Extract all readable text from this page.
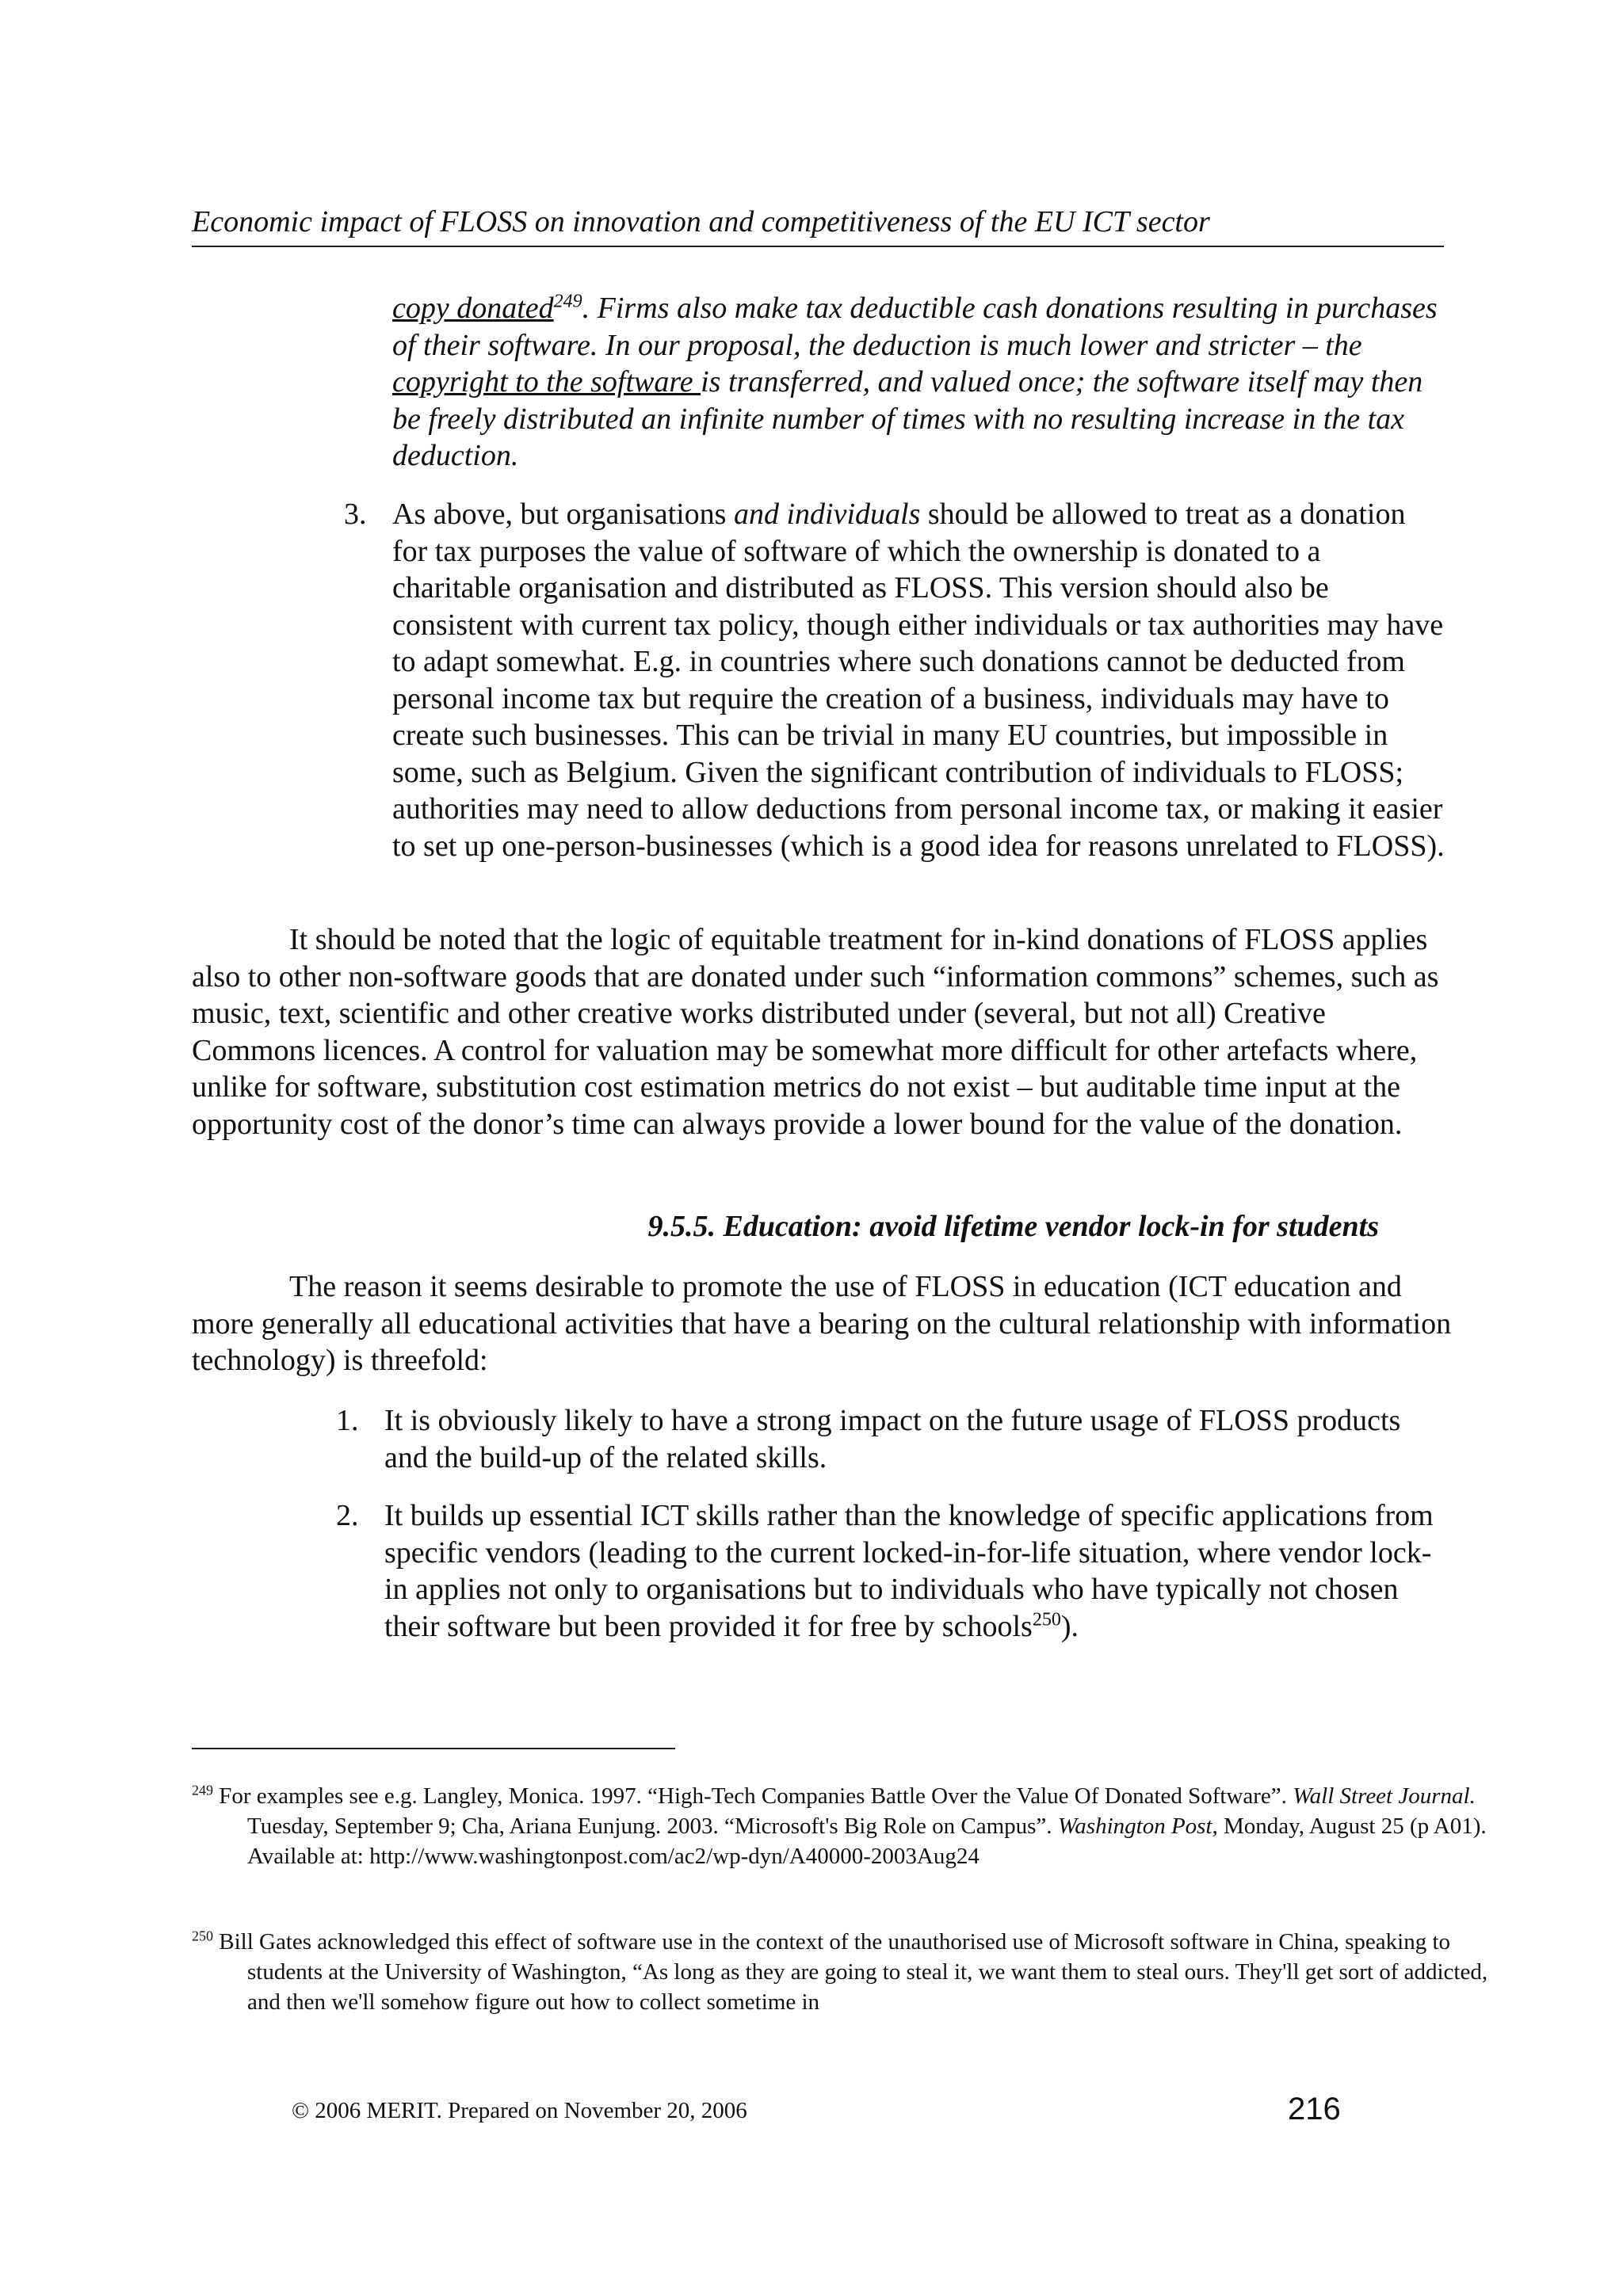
Economic impact of FLOSS on innovation and competitiveness of the EU ICT sector

copy donated$^{249}$. Firms also make tax deductible cash donations resulting in purchases of their software. In our proposal, the deduction is much lower and stricter – the copyright to the software is transferred, and valued once; the software itself may then be freely distributed an infinite number of times with no resulting increase in the tax deduction.

3. As above, but organisations and individuals should be allowed to treat as a donation for tax purposes the value of software of which the ownership is donated to a charitable organisation and distributed as FLOSS. This version should also be consistent with current tax policy, though either individuals or tax authorities may have to adapt somewhat. E.g. in countries where such donations cannot be deducted from personal income tax but require the creation of a business, individuals may have to create such businesses. This can be trivial in many EU countries, but impossible in some, such as Belgium. Given the significant contribution of individuals to FLOSS; authorities may need to allow deductions from personal income tax, or making it easier to set up one-person-businesses (which is a good idea for reasons unrelated to FLOSS).

It should be noted that the logic of equitable treatment for in-kind donations of FLOSS applies also to other non-software goods that are donated under such “information commons” schemes, such as music, text, scientific and other creative works distributed under (several, but not all) Creative Commons licences. A control for valuation may be somewhat more difficult for other artefacts where, unlike for software, substitution cost estimation metrics do not exist – but auditable time input at the opportunity cost of the donor’s time can always provide a lower bound for the value of the donation.

9.5.5. Education: avoid lifetime vendor lock-in for students

The reason it seems desirable to promote the use of FLOSS in education (ICT education and more generally all educational activities that have a bearing on the cultural relationship with information technology) is threefold:

1. It is obviously likely to have a strong impact on the future usage of FLOSS products and the build-up of the related skills.

2. It builds up essential ICT skills rather than the knowledge of specific applications from specific vendors (leading to the current locked-in-for-life situation, where vendor lock-in applies not only to organisations but to individuals who have typically not chosen their software but been provided it for free by schools$^{250}$).

$^{249}$ For examples see e.g. Langley, Monica. 1997. “High-Tech Companies Battle Over the Value Of Donated Software”. Wall Street Journal. Tuesday, September 9; Cha, Ariana Eunjung. 2003. “Microsoft's Big Role on Campus”. Washington Post, Monday, August 25 (p A01). Available at: http://www.washingtonpost.com/ac2/wp-dyn/A40000-2003Aug24

$^{250}$ Bill Gates acknowledged this effect of software use in the context of the unauthorised use of Microsoft software in China, speaking to students at the University of Washington, “As long as they are going to steal it, we want them to steal ours. They'll get sort of addicted, and then we'll somehow figure out how to collect sometime in

© 2006 MERIT. Prepared on November 20, 2006	216
